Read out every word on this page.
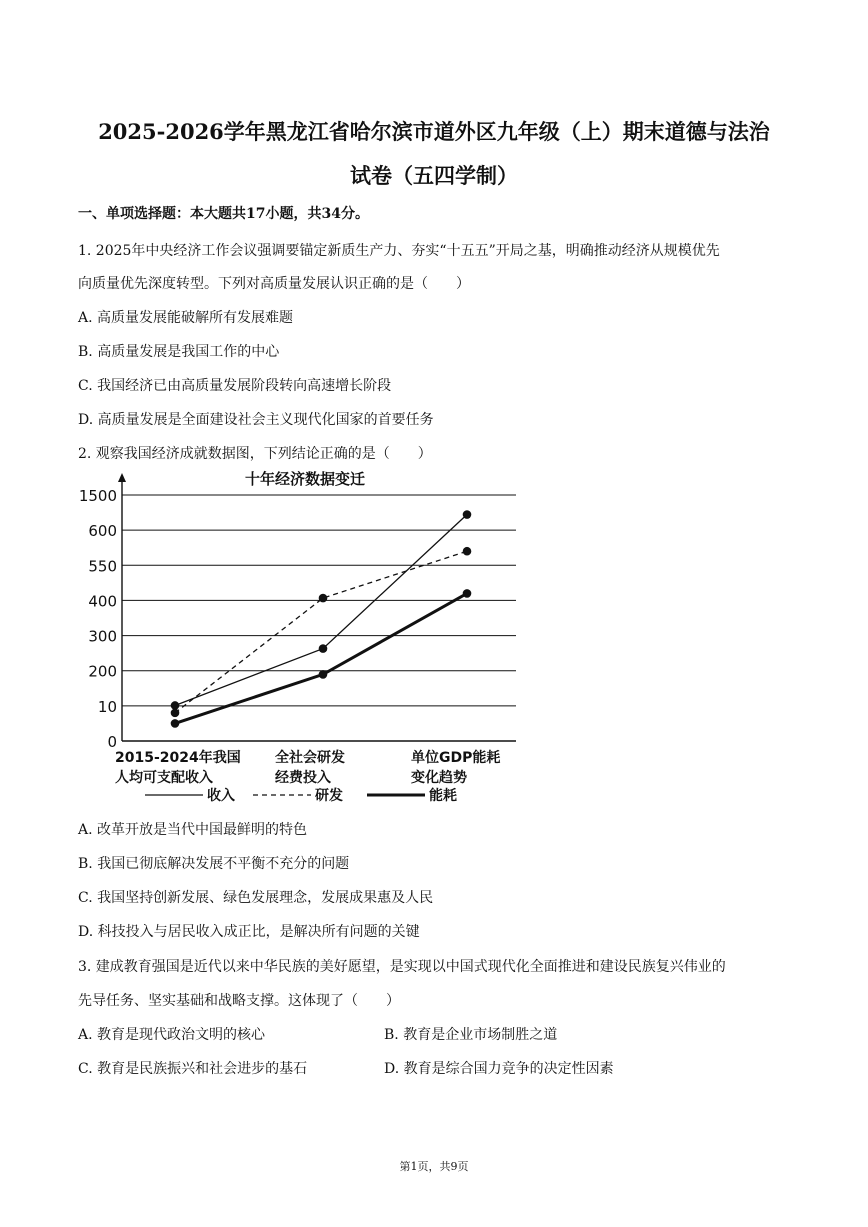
2025-2026学年黑龙江省哈尔滨市道外区九年级（上）期末道德与法治
试卷（五四学制）
一、单项选择题：本大题共17小题，共34分。
1. 2025年中央经济工作会议强调要锚定新质生产力、夯实“十五五”开局之基，明确推动经济从规模优先
向质量优先深度转型。下列对高质量发展认识正确的是（　　）
A. 高质量发展能破解所有发展难题
B. 高质量发展是我国工作的中心
C. 我国经济已由高质量发展阶段转向高速增长阶段
D. 高质量发展是全面建设社会主义现代化国家的首要任务
2. 观察我国经济成就数据图，下列结论正确的是（　　）
十年经济数据变迁
0
10
200
300
400
550
600
1500
2015-2024年我国
人均可支配收入
全社会研发
经费投入
单位GDP能耗
变化趋势
收入	研发	能耗
A. 改革开放是当代中国最鲜明的特色
B. 我国已彻底解决发展不平衡不充分的问题
C. 我国坚持创新发展、绿色发展理念，发展成果惠及人民
D. 科技投入与居民收入成正比，是解决所有问题的关键
3. 建成教育强国是近代以来中华民族的美好愿望，是实现以中国式现代化全面推进和建设民族复兴伟业的
先导任务、坚实基础和战略支撑。这体现了（　　）
A. 教育是现代政治文明的核心	B. 教育是企业市场制胜之道
C. 教育是民族振兴和社会进步的基石	D. 教育是综合国力竞争的决定性因素
第1页，共9页
